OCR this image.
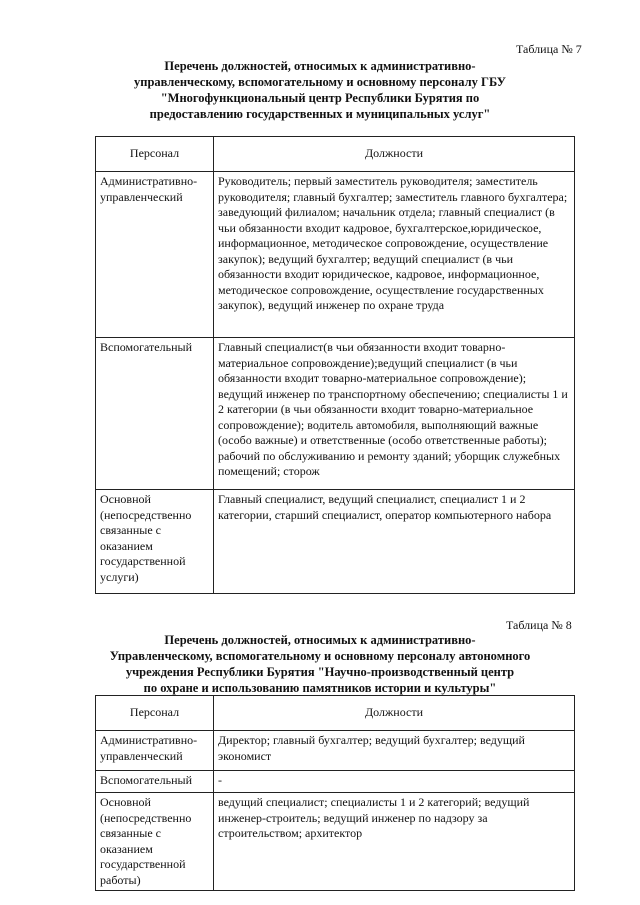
Таблица № 7
Перечень должностей, относимых к административно-
управленческому, вспомогательному и основному персоналу ГБУ
"Многофункциональный центр Республики Бурятия по
предоставлению государственных и муниципальных услуг"
Персонал	Должности
Административно-управленческий	Руководитель; первый заместитель руководителя; заместитель руководителя; главный бухгалтер; заместитель главного бухгалтера; заведующий филиалом; начальник отдела; главный специалист (в чьи обязанности входит кадровое, бухгалтерское,юридическое, информационное, методическое сопровождение, осуществление закупок); ведущий бухгалтер; ведущий специалист (в чьи обязанности входит юридическое, кадровое, информационное, методическое сопровождение, осуществление государственных закупок), ведущий инженер по охране труда
Вспомогательный	Главный специалист(в чьи обязанности входит товарно-материальное сопровождение);ведущий специалист (в чьи обязанности входит товарно-материальное сопровождение); ведущий инженер по транспортному обеспечению; специалисты 1 и 2 категории (в чьи обязанности входит товарно-материальное сопровождение); водитель автомобиля, выполняющий важные (особо важные) и ответственные (особо ответственные работы); рабочий по обслуживанию и ремонту зданий; уборщик служебных помещений; сторож
Основной (непосредственно связанные с оказанием государственной услуги)	Главный специалист, ведущий специалист, специалист 1 и 2 категории, старший специалист, оператор компьютерного набора
Таблица № 8
Перечень должностей, относимых к административно-
Управленческому, вспомогательному и основному персоналу автономного
учреждения Республики Бурятия "Научно-производственный центр
по охране и использованию памятников истории и культуры"
Персонал	Должности
Административно-управленческий	Директор; главный бухгалтер; ведущий бухгалтер; ведущий экономист
Вспомогательный	-
Основной (непосредственно связанные с оказанием государственной работы)	ведущий специалист; специалисты 1 и 2 категорий; ведущий инженер-строитель; ведущий инженер по надзору за строительством; архитектор
